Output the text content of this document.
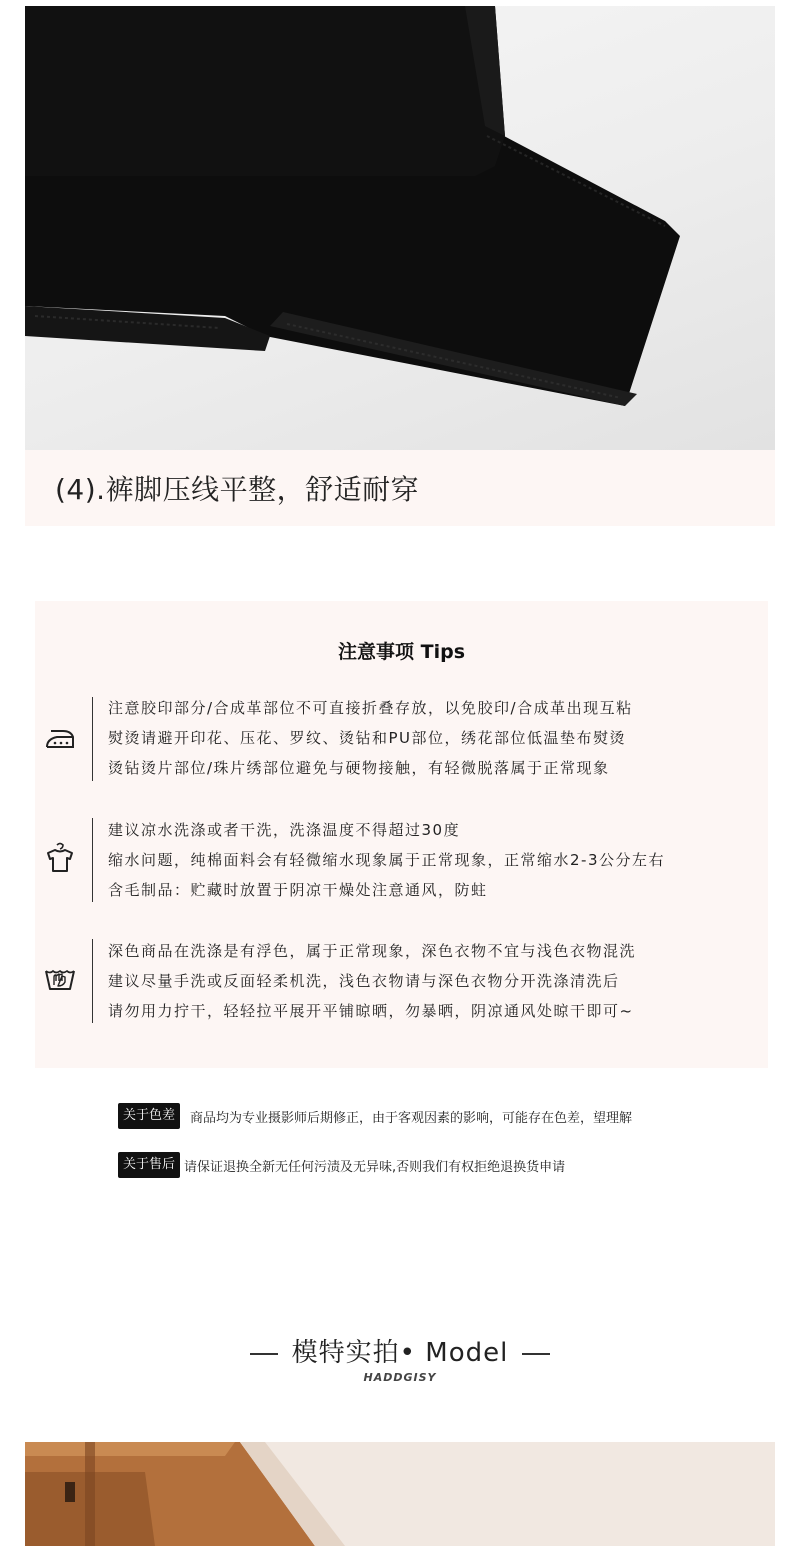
(4).裤脚压线平整，舒适耐穿
注意事项 Tips
注意胶印部分/合成革部位不可直接折叠存放，以免胶印/合成革出现互粘
熨烫请避开印花、压花、罗纹、烫钻和PU部位，绣花部位低温垫布熨烫
烫钻烫片部位/珠片绣部位避免与硬物接触，有轻微脱落属于正常现象
建议凉水洗涤或者干洗，洗涤温度不得超过30度
缩水问题，纯棉面料会有轻微缩水现象属于正常现象，正常缩水2-3公分左右
含毛制品：贮藏时放置于阴凉干燥处注意通风，防蛀
深色商品在洗涤是有浮色，属于正常现象，深色衣物不宜与浅色衣物混洗
建议尽量手洗或反面轻柔机洗，浅色衣物请与深色衣物分开洗涤清洗后
请勿用力拧干，轻轻拉平展开平铺晾晒，勿暴晒，阴凉通风处晾干即可~
关于色差	商品均为专业摄影师后期修正，由于客观因素的影响，可能存在色差，望理解
关于售后 请保证退换全新无任何污渍及无异味,否则我们有权拒绝退换货申请
模特实拍• Model
HADDGISY
